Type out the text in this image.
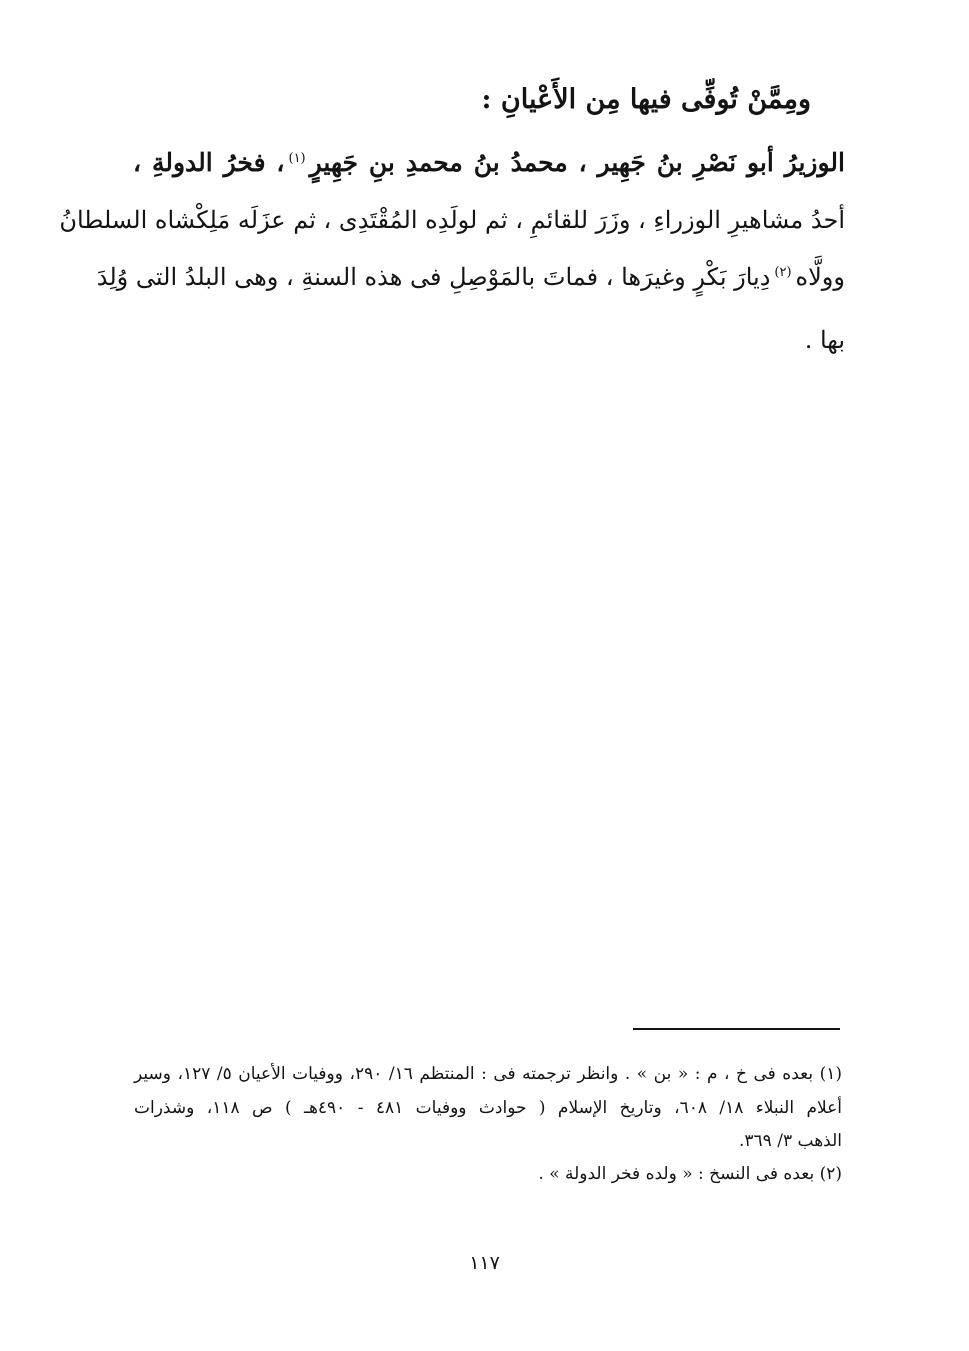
ومِمَّنْ تُوفِّى فيها مِن الأَعْيانِ :
الوزيرُ أبو نَصْرِ بنُ جَهِير ، محمدُ بنُ محمدِ بنِ جَهِيرٍ$^{(١)}$، فخرُ الدولةِ ،
أحدُ مشاهيرِ الوزراءِ ، وزَرَ للقائمِ ، ثم لولَدِه المُقْتَدِى ، ثم عزَلَه مَلِكْشاه السلطانُ
وولَّاه$^{(٢)}$دِيارَ بَكْرٍ وغيرَها ، فماتَ بالمَوْصِلِ فى هذه السنةِ ، وهى البلدُ التى وُلِدَ
بها .
(١) بعده فى خ ، م : « بن » . وانظر ترجمته فى : المنتظم ١٦/ ٢٩٠، ووفيات الأعيان ٥/ ١٢٧، وسير
أعلام النبلاء ١٨/ ٦٠٨، وتاريخ الإسلام ( حوادث ووفيات ٤٨١ - ٤٩٠هـ ) ص ١١٨، وشذرات
الذهب ٣/ ٣٦٩.
(٢) بعده فى النسخ : « ولده فخر الدولة » .
١١٧
